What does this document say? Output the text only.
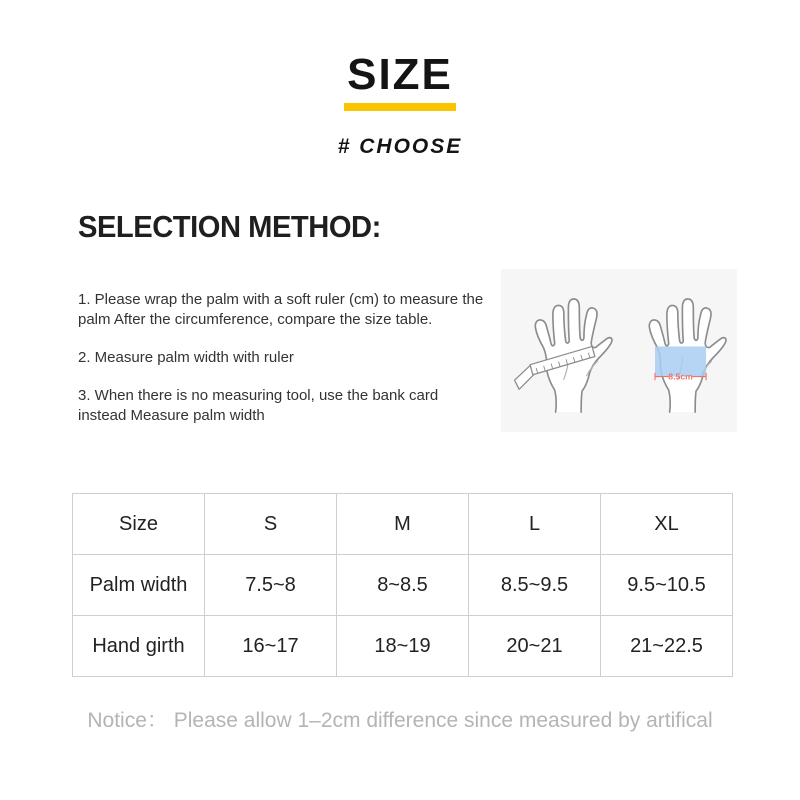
SIZE
# CHOOSE
SELECTION METHOD:

1. Please wrap the palm with a soft ruler (cm) to measure the palm After the circumference, compare the size table.

2. Measure palm width with ruler

3. When there is no measuring tool, use the bank card instead Measure palm width

8.5cm
Size	S	M	L	XL
Palm width	7.5~8	8~8.5	8.5~9.5	9.5~10.5
Hand girth	16~17	18~19	20~21	21~22.5

Notice： Please allow 1–2cm difference since measured by artifical
